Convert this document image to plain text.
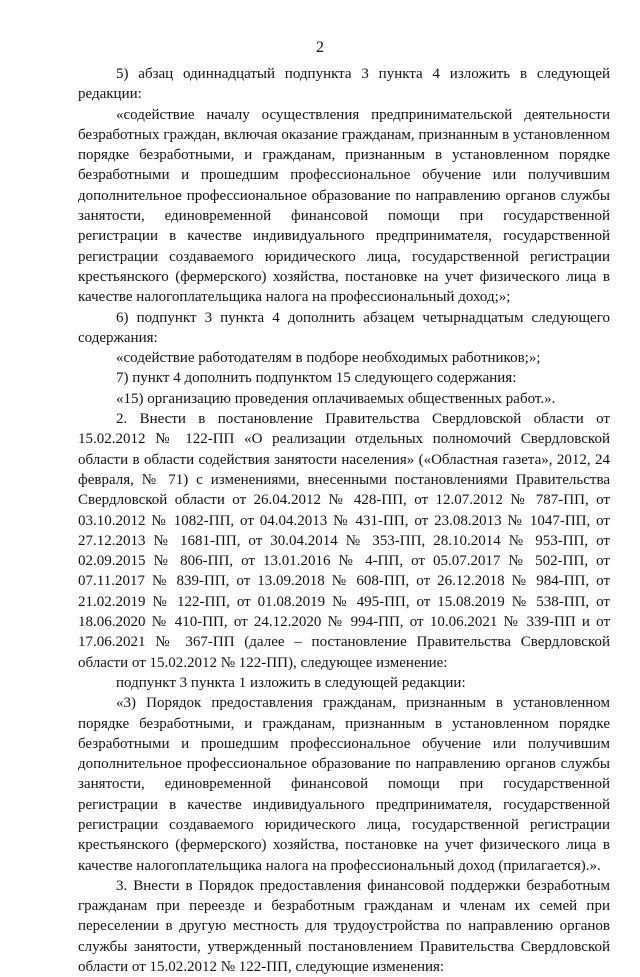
2

5) абзац одиннадцатый подпункта 3 пункта 4 изложить в следующей редакции:

«содействие началу осуществления предпринимательской деятельности безработных граждан, включая оказание гражданам, признанным в установленном порядке безработными, и гражданам, признанным в установленном порядке безработными и прошедшим профессиональное обучение или получившим дополнительное профессиональное образование по направлению органов службы занятости, единовременной финансовой помощи при государственной регистрации в качестве индивидуального предпринимателя, государственной регистрации создаваемого юридического лица, государственной регистрации крестьянского (фермерского) хозяйства, постановке на учет физического лица в качестве налогоплательщика налога на профессиональный доход;»;

6) подпункт 3 пункта 4 дополнить абзацем четырнадцатым следующего содержания:

«содействие работодателям в подборе необходимых работников;»;

7) пункт 4 дополнить подпунктом 15 следующего содержания:

«15) организацию проведения оплачиваемых общественных работ.».

2. Внести в постановление Правительства Свердловской области от 15.02.2012 № 122-ПП «О реализации отдельных полномочий Свердловской области в области содействия занятости населения» («Областная газета», 2012, 24 февраля, № 71) с изменениями, внесенными постановлениями Правительства Свердловской области от 26.04.2012 № 428-ПП, от 12.07.2012 № 787-ПП, от 03.10.2012 № 1082-ПП, от 04.04.2013 № 431-ПП, от 23.08.2013 № 1047-ПП, от 27.12.2013 № 1681-ПП, от 30.04.2014 № 353-ПП, 28.10.2014 № 953-ПП, от 02.09.2015 № 806-ПП, от 13.01.2016 № 4-ПП, от 05.07.2017 № 502-ПП, от 07.11.2017 № 839-ПП, от 13.09.2018 № 608-ПП, от 26.12.2018 № 984-ПП, от 21.02.2019 № 122-ПП, от 01.08.2019 № 495-ПП, от 15.08.2019 № 538-ПП, от 18.06.2020 № 410-ПП, от 24.12.2020 № 994-ПП, от 10.06.2021 № 339-ПП и от 17.06.2021 № 367-ПП (далее – постановление Правительства Свердловской области от 15.02.2012 № 122-ПП), следующее изменение:

подпункт 3 пункта 1 изложить в следующей редакции:

«3) Порядок предоставления гражданам, признанным в установленном порядке безработными, и гражданам, признанным в установленном порядке безработными и прошедшим профессиональное обучение или получившим дополнительное профессиональное образование по направлению органов службы занятости, единовременной финансовой помощи при государственной регистрации в качестве индивидуального предпринимателя, государственной регистрации создаваемого юридического лица, государственной регистрации крестьянского (фермерского) хозяйства, постановке на учет физического лица в качестве налогоплательщика налога на профессиональный доход (прилагается).».

3. Внести в Порядок предоставления финансовой поддержки безработным гражданам при переезде и безработным гражданам и членам их семей при переселении в другую местность для трудоустройства по направлению органов службы занятости, утвержденный постановлением Правительства Свердловской области от 15.02.2012 № 122-ПП, следующие изменения:
